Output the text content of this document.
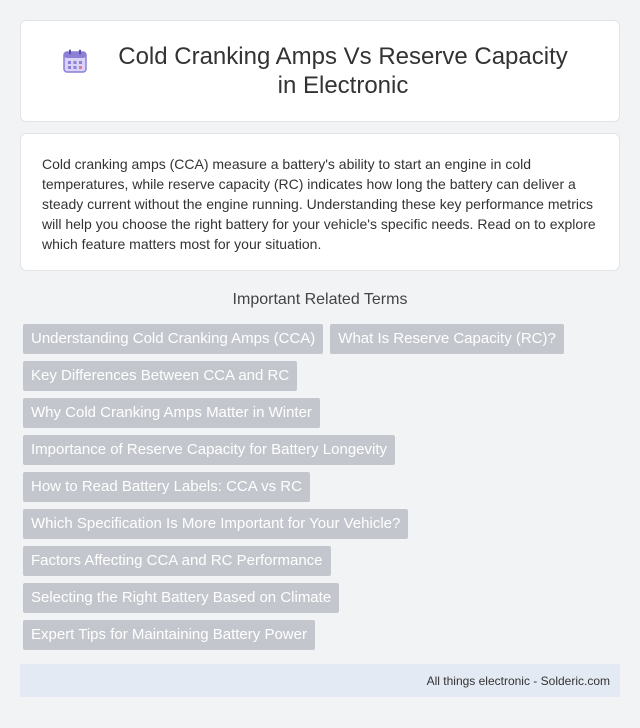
Cold Cranking Amps Vs Reserve Capacity in Electronic

Cold cranking amps (CCA) measure a battery's ability to start an engine in cold temperatures, while reserve capacity (RC) indicates how long the battery can deliver a steady current without the engine running. Understanding these key performance metrics will help you choose the right battery for your vehicle's specific needs. Read on to explore which feature matters most for your situation.

Important Related Terms
Understanding Cold Cranking Amps (CCA)	What Is Reserve Capacity (RC)?
Key Differences Between CCA and RC
Why Cold Cranking Amps Matter in Winter
Importance of Reserve Capacity for Battery Longevity
How to Read Battery Labels: CCA vs RC
Which Specification Is More Important for Your Vehicle?
Factors Affecting CCA and RC Performance
Selecting the Right Battery Based on Climate
Expert Tips for Maintaining Battery Power
All things electronic - Solderic.com
